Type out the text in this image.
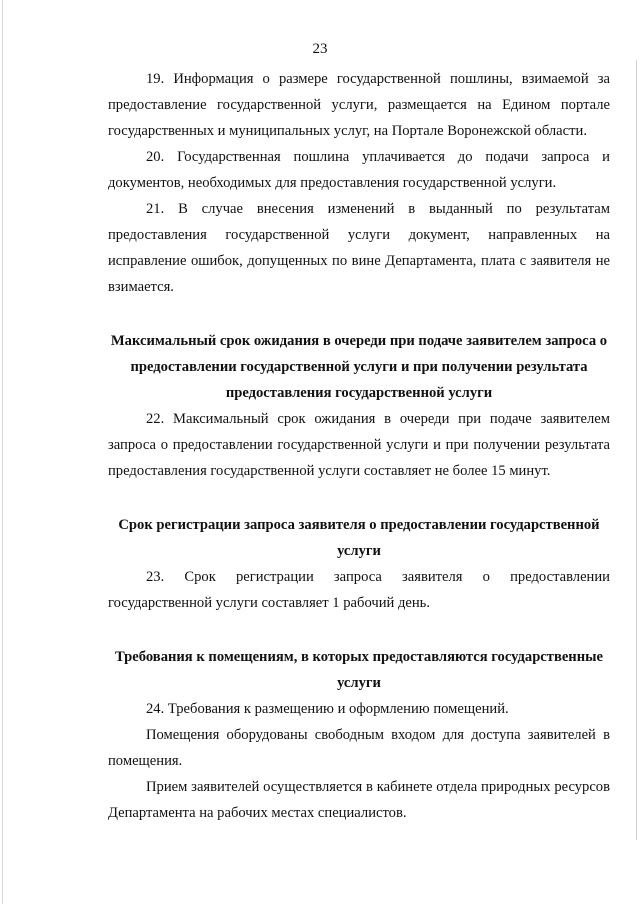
23

19. Информация о размере государственной пошлины, взимаемой за предоставление государственной услуги, размещается на Едином портале государственных и муниципальных услуг, на Портале Воронежской области.

20. Государственная пошлина уплачивается до подачи запроса и документов, необходимых для предоставления государственной услуги.

21. В случае внесения изменений в выданный по результатам предоставления государственной услуги документ, направленных на исправление ошибок, допущенных по вине Департамента, плата с заявителя не взимается.

Максимальный срок ожидания в очереди при подаче заявителем запроса о предоставлении государственной услуги и при получении результата предоставления государственной услуги

22. Максимальный срок ожидания в очереди при подаче заявителем запроса о предоставлении государственной услуги и при получении результата предоставления государственной услуги составляет не более 15 минут.

Срок регистрации запроса заявителя о предоставлении государственной услуги

23. Срок регистрации запроса заявителя о предоставлении государственной услуги составляет 1 рабочий день.

Требования к помещениям, в которых предоставляются государственные услуги

24. Требования к размещению и оформлению помещений.

Помещения оборудованы свободным входом для доступа заявителей в помещения.

Прием заявителей осуществляется в кабинете отдела природных ресурсов Департамента на рабочих местах специалистов.
